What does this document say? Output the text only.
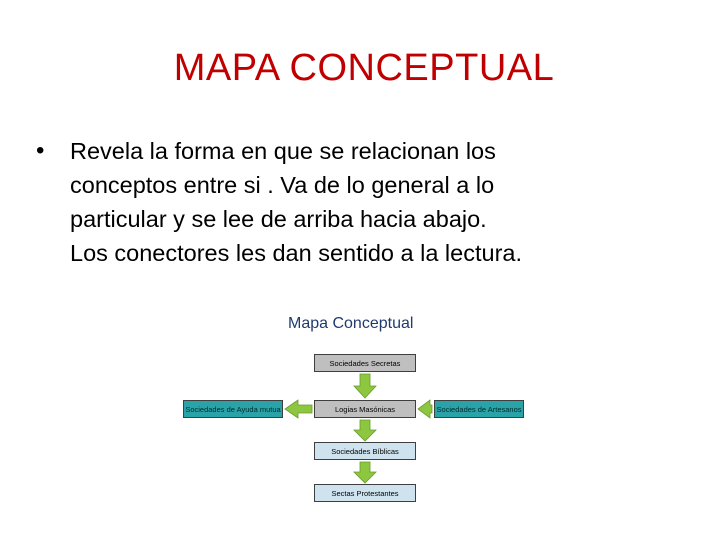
MAPA CONCEPTUAL
•	Revela la forma en que se relacionan los
conceptos entre si . Va de lo general a lo
particular y se lee de arriba hacia abajo.
Los conectores les dan sentido a la lectura.
Mapa Conceptual
Sociedades Secretas
Logias Masónicas
Sociedades Bíblicas
Sectas Protestantes
Sociedades de Ayuda mutua	Sociedades de Artesanos
